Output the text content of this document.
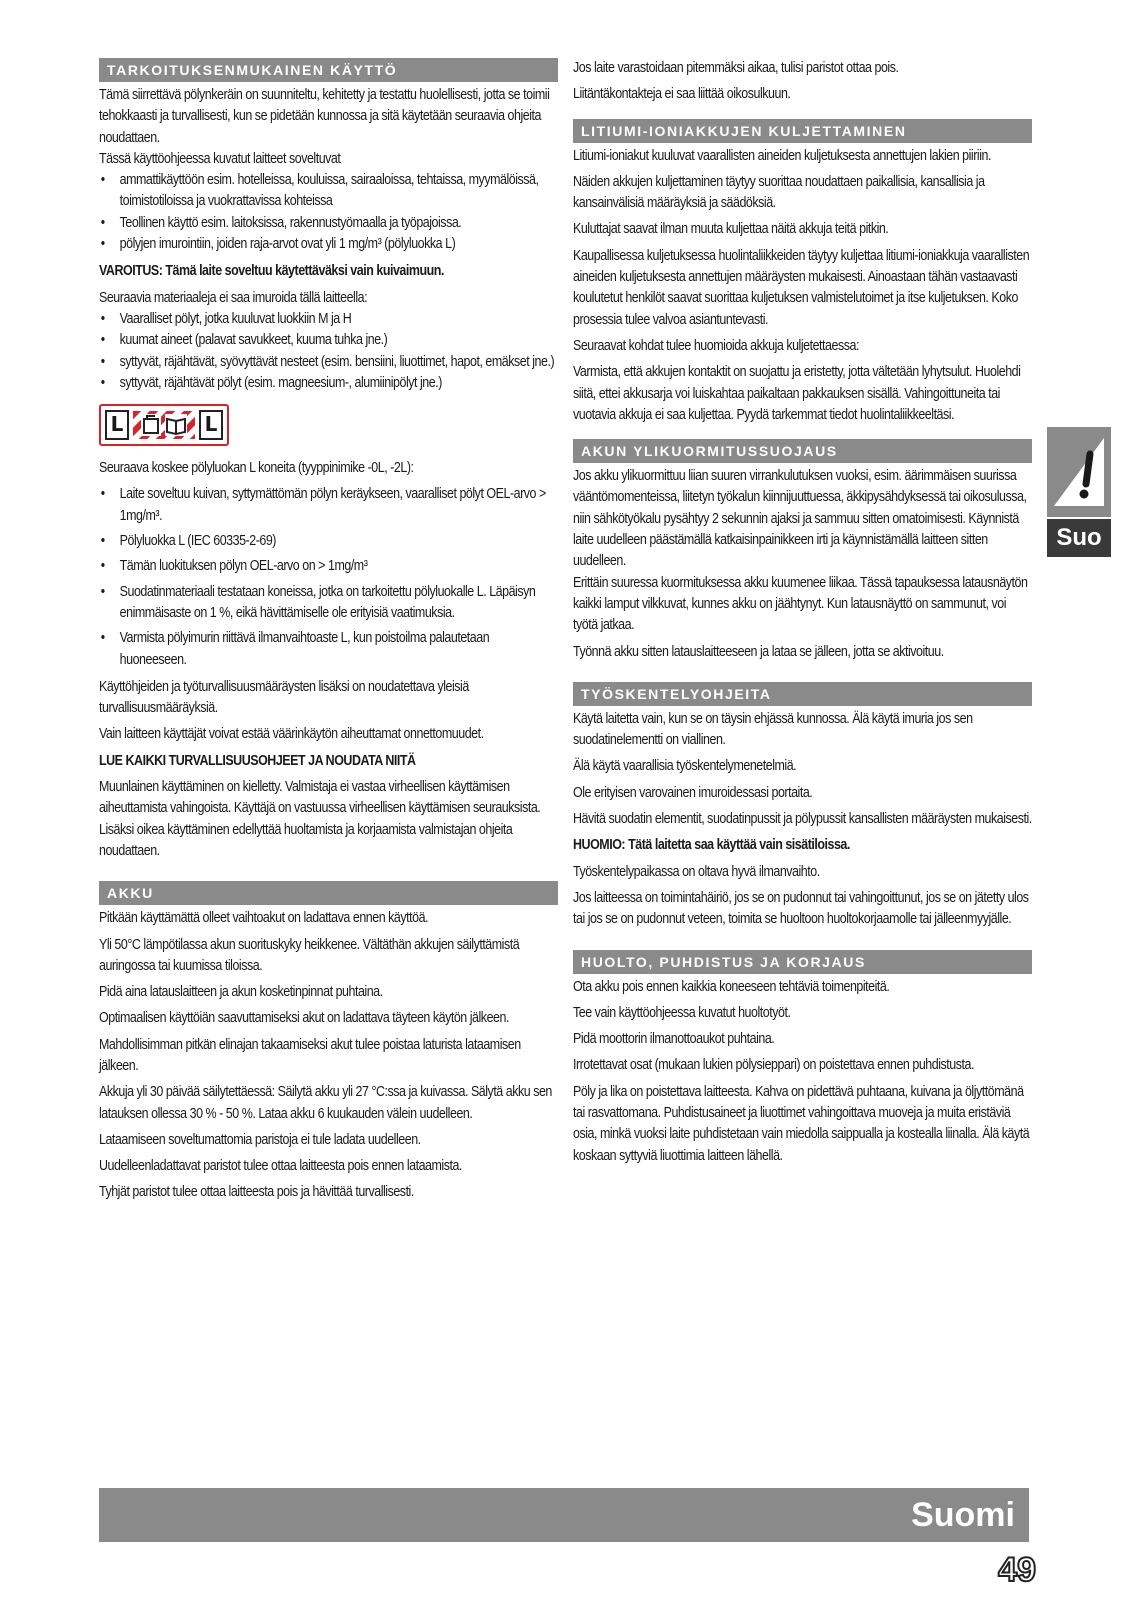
TARKOITUKSENMUKAINEN KÄYTTÖ

Tämä siirrettävä pölynkeräin on suunniteltu, kehitetty ja testattu huolellisesti, jotta se toimii tehokkaasti ja turvallisesti, kun se pidetään kunnossa ja sitä käytetään seuraavia ohjeita noudattaen.

Tässä käyttöohjeessa kuvatut laitteet soveltuvat

• ammattikäyttöön esim. hotelleissa, kouluissa, sairaaloissa, tehtaissa, myymälöissä, toimistotiloissa ja vuokrattavissa kohteissa
• Teollinen käyttö esim. laitoksissa, rakennustyömaalla ja työpajoissa.
• pölyjen imurointiin, joiden raja-arvot ovat yli 1 mg/m³ (pölyluokka L)

VAROITUS: Tämä laite soveltuu käytettäväksi vain kuivaimuun.

Seuraavia materiaaleja ei saa imuroida tällä laitteella:

• Vaaralliset pölyt, jotka kuuluvat luokkiin M ja H
• kuumat aineet (palavat savukkeet, kuuma tuhka jne.)
• syttyvät, räjähtävät, syövyttävät nesteet (esim. bensiini, liuottimet, hapot, emäkset jne.)
• syttyvät, räjähtävät pölyt (esim. magneesium-, alumiinipölyt jne.)
L	L

Seuraava koskee pölyluokan L koneita (tyyppinimike -0L, -2L):

• Laite soveltuu kuivan, syttymättömän pölyn keräykseen, vaaralliset pölyt OEL-arvo > 1mg/m³.
• Pölyluokka L (IEC 60335-2-69)
• Tämän luokituksen pölyn OEL-arvo on > 1mg/m³
• Suodatinmateriaali testataan koneissa, jotka on tarkoitettu pölyluokalle L. Läpäisyn enimmäisaste on 1 %, eikä hävittämiselle ole erityisiä vaatimuksia.
• Varmista pölyimurin riittävä ilmanvaihtoaste L, kun poistoilma palautetaan huoneeseen.

Käyttöhjeiden ja työturvallisuusmääräysten lisäksi on noudatettava yleisiä turvallisuusmääräyksiä.

Vain laitteen käyttäjät voivat estää väärinkäytön aiheuttamat onnettomuudet.

LUE KAIKKI TURVALLISUUSOHJEET JA NOUDATA NIITÄ

Muunlainen käyttäminen on kielletty. Valmistaja ei vastaa virheellisen käyttämisen aiheuttamista vahingoista. Käyttäjä on vastuussa virheellisen käyttämisen seurauksista. Lisäksi oikea käyttäminen edellyttää huoltamista ja korjaamista valmistajan ohjeita noudattaen.

AKKU

Pitkään käyttämättä olleet vaihtoakut on ladattava ennen käyttöä.

Yli 50°C lämpötilassa akun suorituskyky heikkenee. Vältäthän akkujen säilyttämistä auringossa tai kuumissa tiloissa.

Pidä aina latauslaitteen ja akun kosketinpinnat puhtaina.

Optimaalisen käyttöiän saavuttamiseksi akut on ladattava täyteen käytön jälkeen.

Mahdollisimman pitkän elinajan takaamiseksi akut tulee poistaa laturista lataamisen jälkeen.

Akkuja yli 30 päivää säilytettäessä: Säilytä akku yli 27 °C:ssa ja kuivassa. Sälytä akku sen latauksen ollessa 30 % - 50 %. Lataa akku 6 kuukauden välein uudelleen.

Lataamiseen soveltumattomia paristoja ei tule ladata uudelleen.

Uudelleenladattavat paristot tulee ottaa laitteesta pois ennen lataamista.

Tyhjät paristot tulee ottaa laitteesta pois ja hävittää turvallisesti.

Jos laite varastoidaan pitemmäksi aikaa, tulisi paristot ottaa pois.

Liitäntäkontakteja ei saa liittää oikosulkuun.

LITIUMI-IONIAKKUJEN KULJETTAMINEN

Litiumi-ioniakut kuuluvat vaarallisten aineiden kuljetuksesta annettujen lakien piiriin.

Näiden akkujen kuljettaminen täytyy suorittaa noudattaen paikallisia, kansallisia ja kansainvälisiä määräyksiä ja säädöksiä.

Kuluttajat saavat ilman muuta kuljettaa näitä akkuja teitä pitkin.

Kaupallisessa kuljetuksessa huolintaliikkeiden täytyy kuljettaa litiumi-ioniakkuja vaarallisten aineiden kuljetuksesta annettujen määräysten mukaisesti. Ainoastaan tähän vastaavasti koulutetut henkilöt saavat suorittaa kuljetuksen valmistelutoimet ja itse kuljetuksen. Koko prosessia tulee valvoa asiantuntevasti.

Seuraavat kohdat tulee huomioida akkuja kuljetettaessa:

Varmista, että akkujen kontaktit on suojattu ja eristetty, jotta vältetään lyhytsulut. Huolehdi siitä, ettei akkusarja voi luiskahtaa paikaltaan pakkauksen sisällä. Vahingoittuneita tai vuotavia akkuja ei saa kuljettaa. Pyydä tarkemmat tiedot huolintaliikkeeltäsi.

AKUN YLIKUORMITUSSUOJAUS

Jos akku ylikuormittuu liian suuren virrankulutuksen vuoksi, esim. äärimmäisen suurissa vääntömomenteissa, liitetyn työkalun kiinnijuuttuessa, äkkipysähdyksessä tai oikosulussa, niin sähkötyökalu pysähtyy 2 sekunnin ajaksi ja sammuu sitten omatoimisesti. Käynnistä laite uudelleen päästämällä katkaisinpainikkeen irti ja käynnistämällä laitteen sitten uudelleen.

Erittäin suuressa kuormituksessa akku kuumenee liikaa. Tässä tapauksessa latausnäytön kaikki lamput vilkkuvat, kunnes akku on jäähtynyt. Kun latausnäyttö on sammunut, voi työtä jatkaa.

Työnnä akku sitten latauslaitteeseen ja lataa se jälleen, jotta se aktivoituu.

TYÖSKENTELYOHJEITA

Käytä laitetta vain, kun se on täysin ehjässä kunnossa. Älä käytä imuria jos sen suodatinelementti on viallinen.

Älä käytä vaarallisia työskentelymenetelmiä.

Ole erityisen varovainen imuroidessasi portaita.

Hävitä suodatin elementit, suodatinpussit ja pölypussit kansallisten määräysten mukaisesti.

HUOMIO: Tätä laitetta saa käyttää vain sisätiloissa.

Työskentelypaikassa on oltava hyvä ilmanvaihto.

Jos laitteessa on toimintahäiriö, jos se on pudonnut tai vahingoittunut, jos se on jätetty ulos tai jos se on pudonnut veteen, toimita se huoltoon huoltokorjaamolle tai jälleenmyyjälle.

HUOLTO, PUHDISTUS JA KORJAUS

Ota akku pois ennen kaikkia koneeseen tehtäviä toimenpiteitä.

Tee vain käyttöohjeessa kuvatut huoltotyöt.

Pidä moottorin ilmanottoaukot puhtaina.

Irrotettavat osat (mukaan lukien pölysieppari) on poistettava ennen puhdistusta.

Pöly ja lika on poistettava laitteesta. Kahva on pidettävä puhtaana, kuivana ja öljyttömänä tai rasvattomana. Puhdistusaineet ja liuottimet vahingoittava muoveja ja muita eristäviä osia, minkä vuoksi laite puhdistetaan vain miedolla saippualla ja kostealla liinalla. Älä käytä koskaan syttyviä liuottimia laitteen lähellä.

Suo
Suomi
49
